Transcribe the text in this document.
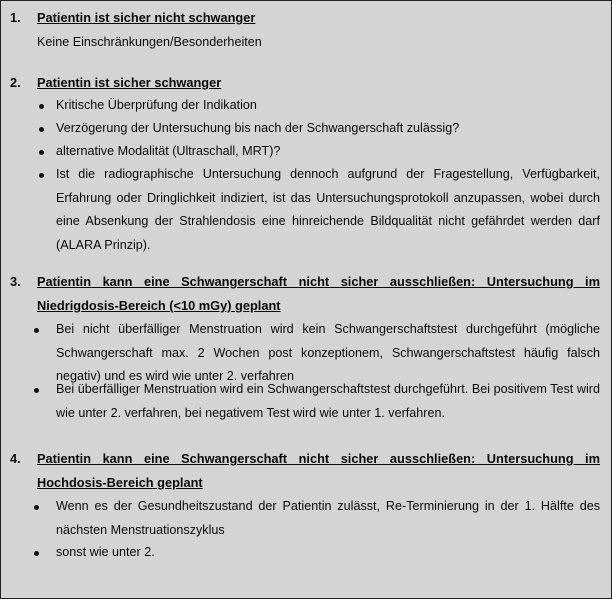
1. Patientin ist sicher nicht schwanger
Keine Einschränkungen/Besonderheiten
2. Patientin ist sicher schwanger
Kritische Überprüfung der Indikation
Verzögerung der Untersuchung bis nach der Schwangerschaft zulässig?
alternative Modalität (Ultraschall, MRT)?
Ist die radiographische Untersuchung dennoch aufgrund der Fragestellung, Verfügbarkeit, Erfahrung oder Dringlichkeit indiziert, ist das Untersuchungsprotokoll anzupassen, wobei durch eine Absenkung der Strahlendosis eine hinreichende Bildqualität nicht gefährdet werden darf (ALARA Prinzip).
3. Patientin kann eine Schwangerschaft nicht sicher ausschließen: Untersuchung im Niedrigdosis-Bereich (<10 mGy) geplant
Bei nicht überfälliger Menstruation wird kein Schwangerschaftstest durchgeführt (mögliche Schwangerschaft max. 2 Wochen post konzeptionem, Schwangerschaftstest häufig falsch negativ) und es wird wie unter 2. verfahren
Bei überfälliger Menstruation wird ein Schwangerschaftstest durchgeführt. Bei positivem Test wird wie unter 2. verfahren, bei negativem Test wird wie unter 1. verfahren.
4. Patientin kann eine Schwangerschaft nicht sicher ausschließen: Untersuchung im Hochdosis-Bereich geplant
Wenn es der Gesundheitszustand der Patientin zulässt, Re-Terminierung in der 1. Hälfte des nächsten Menstruationszyklus
sonst wie unter 2.
